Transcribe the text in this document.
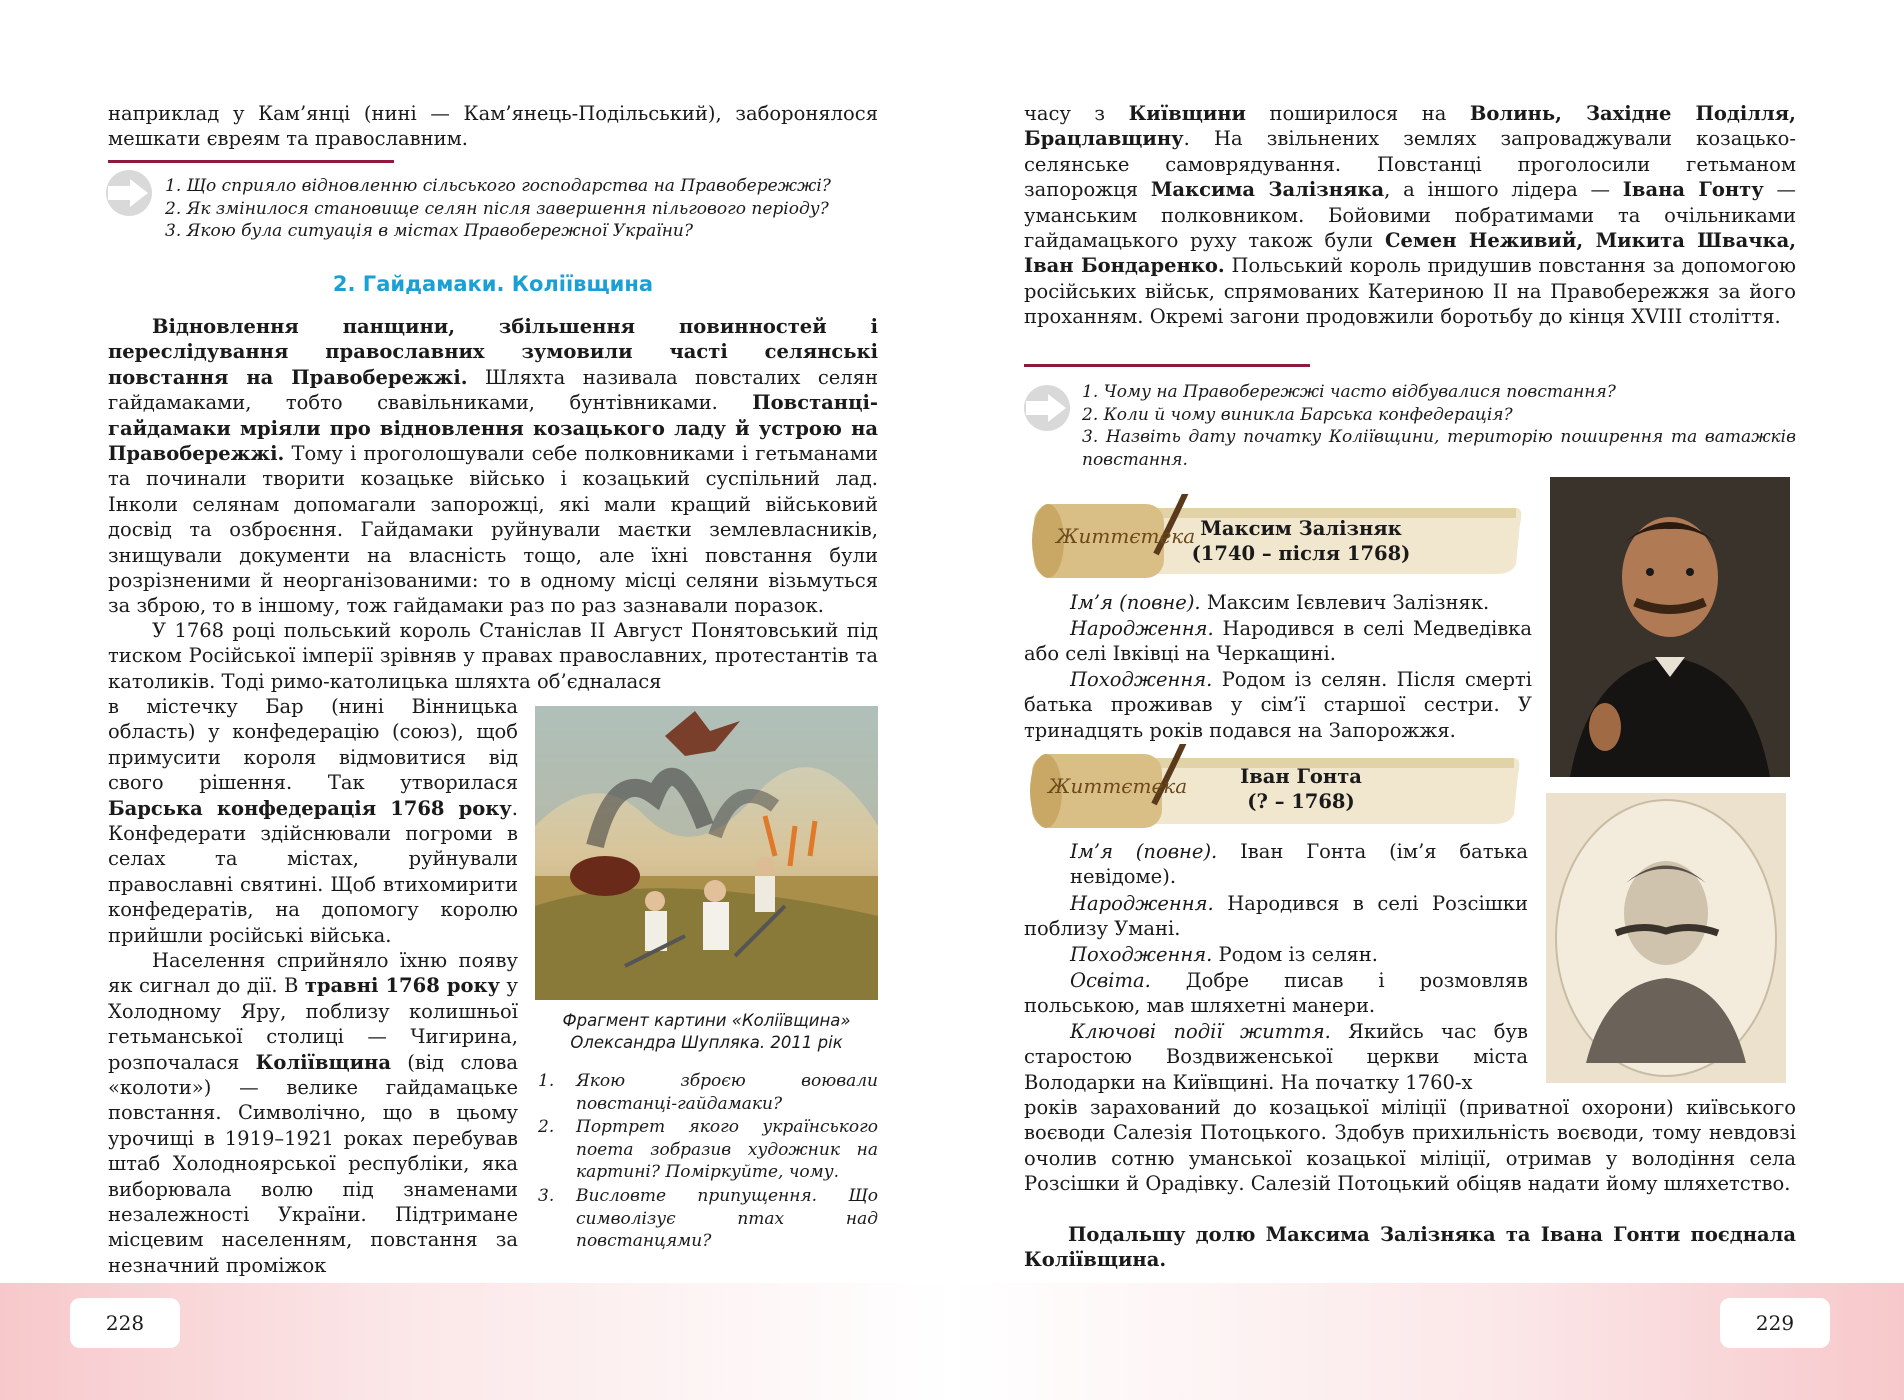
наприклад у Кам’янці (нині — Кам’янець-Подільський), заборонялося мешкати євреям та православним.
1. Що сприяло відновленню сільського господарства на Правобережжі?
2. Як змінилося становище селян після завершення пільгового періоду?
3. Якою була ситуація в містах Правобережної України?
2. Гайдамаки. Коліївщина
Відновлення панщини, збільшення повинностей і переслідування православних зумовили часті селянські повстання на Правобережжі. Шляхта називала повсталих селян гайдамаками, тобто свавільниками, бунтівниками. Повстанці-гайдамаки мріяли про відновлення козацького ладу й устрою на Правобережжі. Тому і проголошували себе полковниками і гетьманами та починали творити козацьке військо і козацький суспільний лад. Інколи селянам допомагали запорожці, які мали кращий військовий досвід та озброєння. Гайдамаки руйнували маєтки землевласників, знищували документи на власність тощо, але їхні повстання були розрізненими й неорганізованими: то в одному місці селяни візьмуться за зброю, то в іншому, тож гайдамаки раз по раз зазнавали поразок.
У 1768 році польський король Станіслав ІІ Август Понятовський під тиском Російської імперії зрівняв у правах православних, протестантів та католиків. Тоді римо-католицька шляхта об’єдналася
в містечку Бар (нині Вінницька область) у конфедерацію (союз), щоб примусити короля відмовитися від свого рішення. Так утворилася Барська конфедерація 1768 року. Конфедерати здійснювали погроми в селах та містах, руйнували православні святині. Щоб втихомирити конфедератів, на допомогу королю прийшли російські війська.
Населення сприйняло їхню появу як сигнал до дії. В травні 1768 року у Холодному Яру, поблизу колишньої гетьманської столиці — Чигирина, розпочалася Коліївщина (від слова «колоти») — велике гайдамацьке повстання. Символічно, що в цьому урочищі в 1919–1921 роках перебував штаб Холодноярської республіки, яка виборювала волю під знаменами незалежності України. Підтримане місцевим населенням, повстання за незначний проміжок
Фрагмент картини «Коліївщина»
Олександра Шупляка. 2011 рік
1. Якою зброєю воювали повстанці-гайдамаки?
2. Портрет якого українського поета зобразив художник на картині? Поміркуйте, чому.
3. Висловте припущення. Що символізує птах над повстанцями?
часу з Київщини поширилося на Волинь, Західне Поділля, Брацлавщину. На звільнених землях запроваджували козацько-селянське самоврядування. Повстанці проголосили гетьманом запорожця Максима Залізняка, а іншого лідера — Івана Гонту — уманським полковником. Бойовими побратимами та очільниками гайдамацького руху також були Семен Неживий, Микита Швачка, Іван Бондаренко. Польський король придушив повстання за допомогою російських військ, спрямованих Катериною ІІ на Правобережжя за його проханням. Окремі загони продовжили боротьбу до кінця XVIII століття.
1. Чому на Правобережжі часто відбувалися повстання?
2. Коли й чому виникла Барська конфедерація?
3. Назвіть дату початку Коліївщини, територію поширення та ватажків повстання.
Життєтека Максим Залізняк
(1740 – після 1768)
Ім’я (повне). Максим Ієвлевич Залізняк.
Народження. Народився в селі Медведівка або селі Івківці на Черкащині.
Походження. Родом із селян. Після смерті батька проживав у сім’ї старшої сестри. У тринадцять років подався на Запорожжя.
Життєтека	Іван Гонта
(? – 1768)
Ім’я (повне). Іван Гонта (ім’я батька невідоме).
Народження. Народився в селі Розсішки поблизу Умані.
Походження. Родом із селян.
Освіта. Добре писав і розмовляв польською, мав шляхетні манери.
Ключові події життя. Якийсь час був старостою Воздвиженської церкви міста Володарки на Київщині. На початку 1760-х
років зарахований до козацької міліції (приватної охорони) київського воєводи Салезія Потоцького. Здобув прихильність воєводи, тому невдовзі очолив сотню уманської козацької міліції, отримав у володіння села Розсішки й Орадівку. Салезій Потоцький обіцяв надати йому шляхетство.
Подальшу долю Максима Залізняка та Івана Гонти поєднала Коліївщина.
228	229
